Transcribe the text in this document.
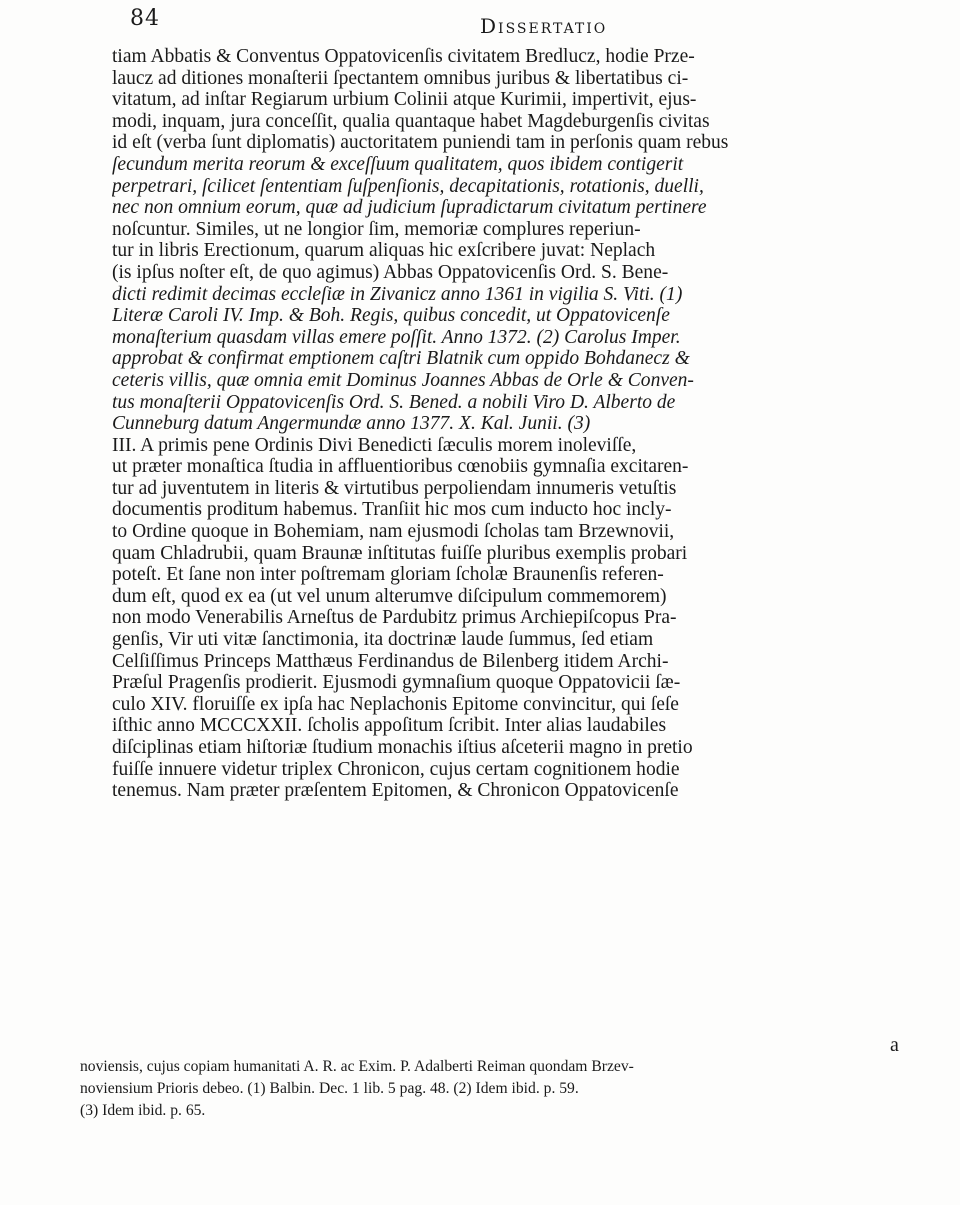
84	Dissertatio
tiam Abbatis & Conventus Oppatovicenſis civitatem Bredlucz, hodie Prze-
laucz ad ditiones monaſterii ſpectantem omnibus juribus & libertatibus ci-
vitatum, ad inſtar Regiarum urbium Colinii atque Kurimii, impertivit, ejus-
modi, inquam, jura conceſſit, qualia quantaque habet Magdeburgenſis civitas
id eſt (verba ſunt diplomatis) auctoritatem puniendi tam in perſonis quam rebus
ſecundum merita reorum & exceſſuum qualitatem, quos ibidem contigerit
perpetrari, ſcilicet ſententiam ſuſpenſionis, decapitationis, rotationis, duelli,
nec non omnium eorum, quæ ad judicium ſupradictarum civitatum pertinere
noſcuntur. Similes, ut ne longior ſim, memoriæ complures reperiun-
tur in libris Erectionum, quarum aliquas hic exſcribere juvat: Neplach
(is ipſus noſter eſt, de quo agimus) Abbas Oppatovicenſis Ord. S. Bene-
dicti redimit decimas eccleſiæ in Zivanicz anno 1361 in vigilia S. Viti. (1)
Literæ Caroli IV. Imp. & Boh. Regis, quibus concedit, ut Oppatovicenſe
monaſterium quasdam villas emere poſſit. Anno 1372. (2) Carolus Imper.
approbat & confirmat emptionem caſtri Blatnik cum oppido Bohdanecz &
ceteris villis, quæ omnia emit Dominus Joannes Abbas de Orle & Conven-
tus monaſterii Oppatovicenſis Ord. S. Bened. a nobili Viro D. Alberto de
Cunneburg datum Angermundæ anno 1377. X. Kal. Junii. (3)
III. A primis pene Ordinis Divi Benedicti ſæculis morem inoleviſſe,
ut præter monaſtica ſtudia in affluentioribus cœnobiis gymnaſia excitaren-
tur ad juventutem in literis & virtutibus perpoliendam innumeris vetuſtis
documentis proditum habemus. Tranſiit hic mos cum inducto hoc incly-
to Ordine quoque in Bohemiam, nam ejusmodi ſcholas tam Brzewnovii,
quam Chladrubii, quam Braunæ inſtitutas fuiſſe pluribus exemplis probari
poteſt. Et ſane non inter poſtremam gloriam ſcholæ Braunenſis referen-
dum eſt, quod ex ea (ut vel unum alterumve diſcipulum commemorem)
non modo Venerabilis Arneſtus de Pardubitz primus Archiepiſcopus Pra-
genſis, Vir uti vitæ ſanctimonia, ita doctrinæ laude ſummus, ſed etiam
Celſiſſimus Princeps Matthæus Ferdinandus de Bilenberg itidem Archi-
Præſul Pragenſis prodierit. Ejusmodi gymnaſium quoque Oppatovicii ſæ-
culo XIV. floruiſſe ex ipſa hac Neplachonis Epitome convincitur, qui ſeſe
iſthic anno MCCCXXII. ſcholis appoſitum ſcribit. Inter alias laudabiles
diſciplinas etiam hiſtoriæ ſtudium monachis iſtius aſceterii magno in pretio
fuiſſe innuere videtur triplex Chronicon, cujus certam cognitionem hodie
tenemus. Nam præter præſentem Epitomen, & Chronicon Oppatovicenſe
a
noviensis, cujus copiam humanitati A. R. ac Exim. P. Adalberti Reiman quondam Brzev-
noviensium Prioris debeo. (1) Balbin. Dec. 1 lib. 5 pag. 48. (2) Idem ibid. p. 59.
(3) Idem ibid. p. 65.
